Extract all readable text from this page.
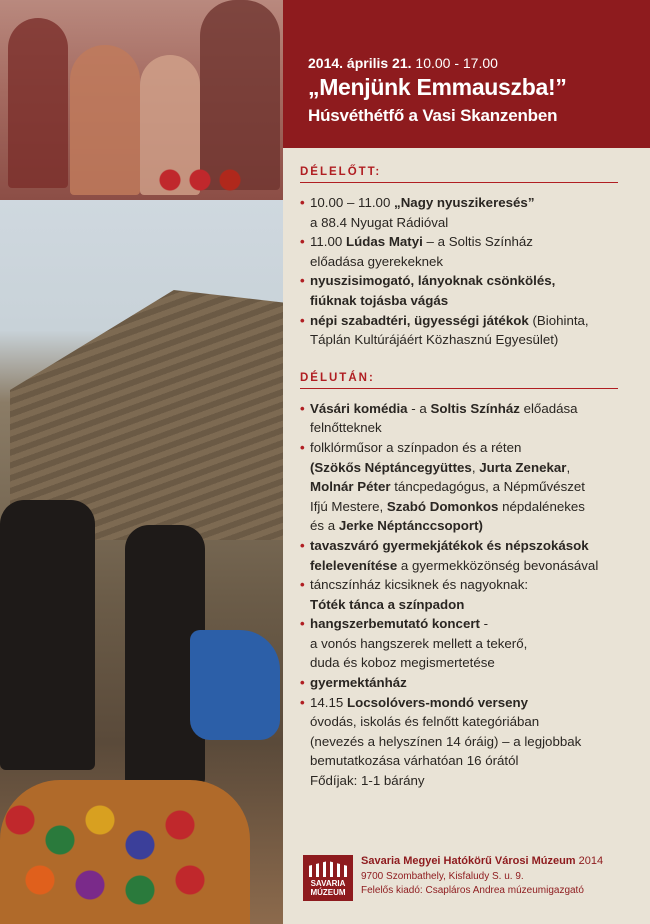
2014. április 21. 10.00 - 17.00
„Menjünk Emmauszba!”
Húsvéthétfő a Vasi Skanzenben
DÉLELŐTT:
• 10.00 – 11.00 „Nagy nyuszikeresés”
a 88.4 Nyugat Rádióval
• 11.00 Lúdas Matyi – a Soltis Színház
előadása gyerekeknek
• nyuszisimogató, lányoknak csönkölés,
fiúknak tojásba vágás
• népi szabadtéri, ügyességi játékok (Biohinta,
Táplán Kultúrájáért Közhasznú Egyesület)
DÉLUTÁN:
• Vásári komédia - a Soltis Színház előadása
felnőtteknek
• folklórműsor a színpadon és a réten
(Szökős Néptáncegyüttes, Jurta Zenekar,
Molnár Péter táncpedagógus, a Népművészet
Ifjú Mestere, Szabó Domonkos népdalénekes
és a Jerke Néptánccsoport)
• tavaszváró gyermekjátékok és népszokások
felelevenítése a gyermekközönség bevonásával
• táncszínház kicsiknek és nagyoknak:
Tóték tánca a színpadon
• hangszerbemutató koncert -
a vonós hangszerek mellett a tekerő,
duda és koboz megismertetése
• gyermektánház
• 14.15 Locsolóvers-mondó verseny
óvodás, iskolás és felnőtt kategóriában
(nevezés a helyszínen 14 óráig) – a legjobbak
bemutatkozása várhatóan 16 órától
Fődíjak: 1-1 bárány
SAVARIA
MÚZEUM
Savaria Megyei Hatókörű Városi Múzeum 2014
9700 Szombathely, Kisfaludy S. u. 9.
Felelős kiadó: Csapláros Andrea múzeumigazgató
